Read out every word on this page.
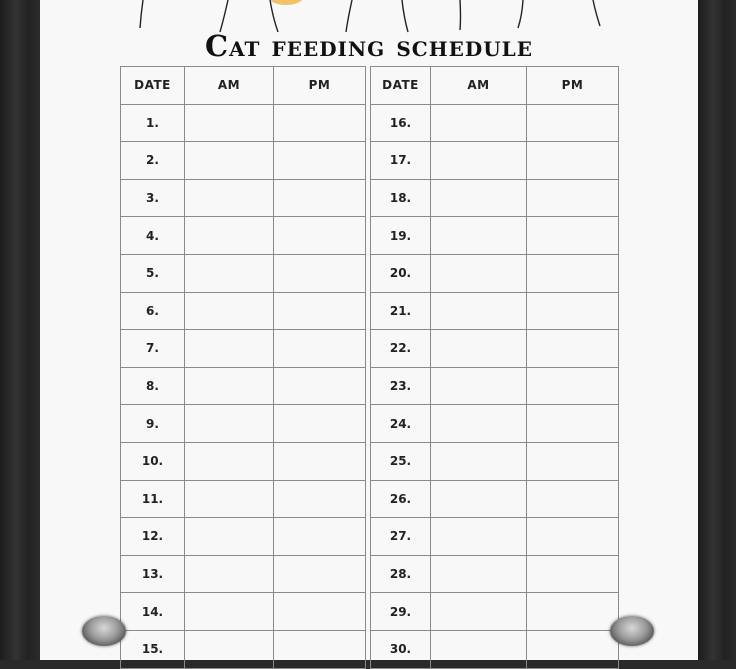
Cat feeding schedule
DATE	AM	PM
1.		
2.		
3.		
4.		
5.		
6.		
7.		
8.		
9.		
10.		
11.		
12.		
13.		
14.		
15.		
DATE	AM	PM
16.		
17.		
18.		
19.		
20.		
21.		
22.		
23.		
24.		
25.		
26.		
27.		
28.		
29.		
30.		
